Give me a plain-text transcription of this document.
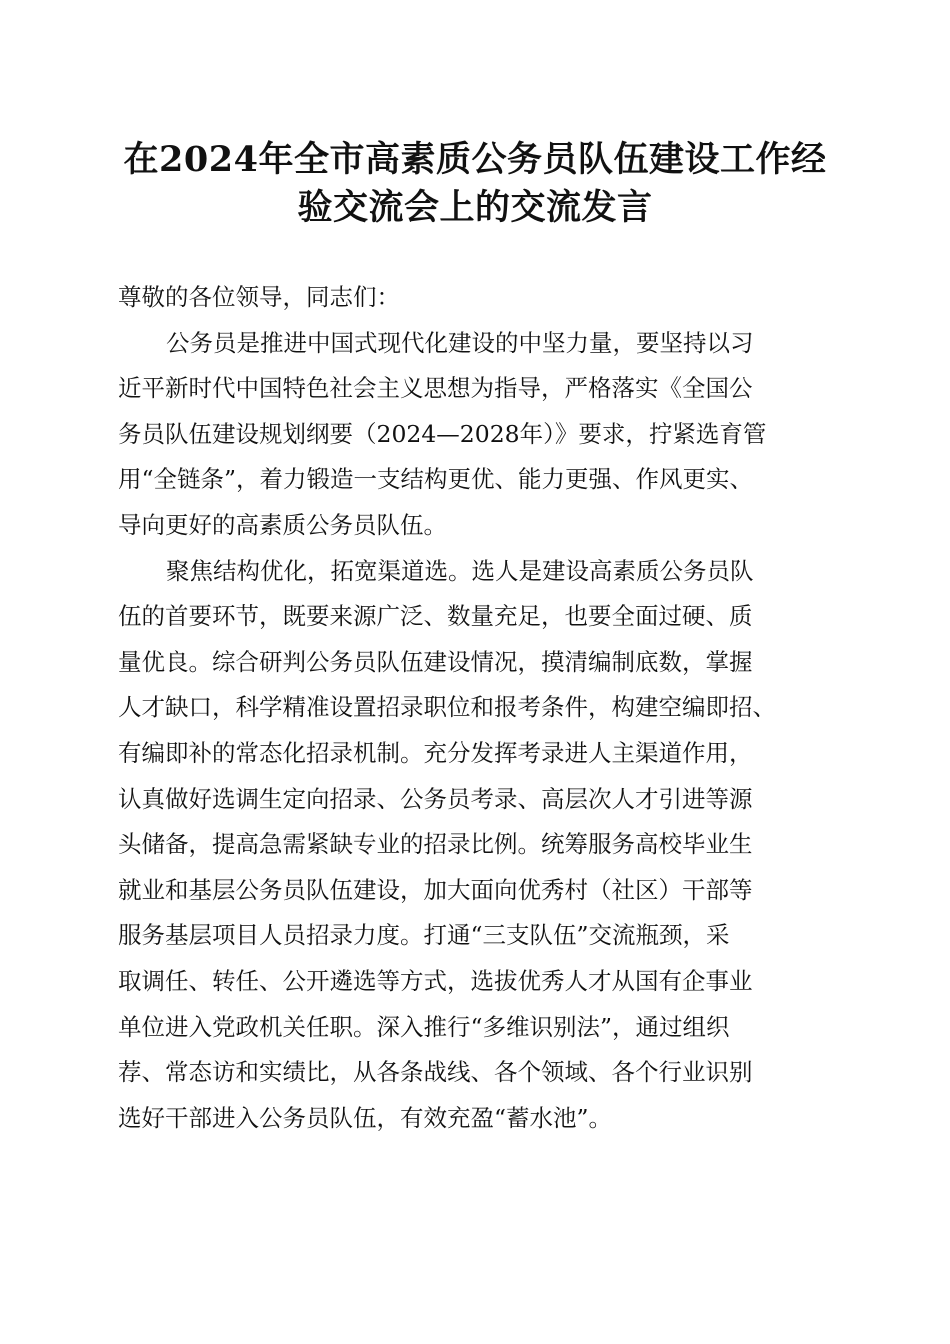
在2024年全市高素质公务员队伍建设工作经
验交流会上的交流发言

尊敬的各位领导，同志们：

公务员是推进中国式现代化建设的中坚力量，要坚持以习
近平新时代中国特色社会主义思想为指导，严格落实《全国公
务员队伍建设规划纲要（2024—2028年）》要求，拧紧选育管
用“全链条”，着力锻造一支结构更优、能力更强、作风更实、
导向更好的高素质公务员队伍。

聚焦结构优化，拓宽渠道选。选人是建设高素质公务员队
伍的首要环节，既要来源广泛、数量充足，也要全面过硬、质
量优良。综合研判公务员队伍建设情况，摸清编制底数，掌握
人才缺口，科学精准设置招录职位和报考条件，构建空编即招、
有编即补的常态化招录机制。充分发挥考录进人主渠道作用，
认真做好选调生定向招录、公务员考录、高层次人才引进等源
头储备，提高急需紧缺专业的招录比例。统筹服务高校毕业生
就业和基层公务员队伍建设，加大面向优秀村（社区）干部等
服务基层项目人员招录力度。打通“三支队伍”交流瓶颈，采
取调任、转任、公开遴选等方式，选拔优秀人才从国有企事业
单位进入党政机关任职。深入推行“多维识别法”，通过组织
荐、常态访和实绩比，从各条战线、各个领域、各个行业识别
选好干部进入公务员队伍，有效充盈“蓄水池”。
